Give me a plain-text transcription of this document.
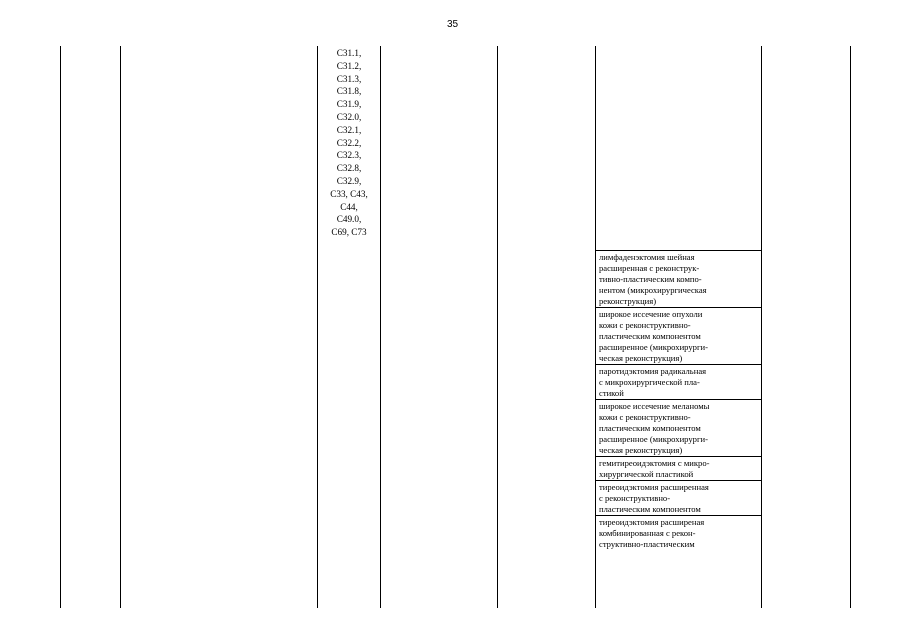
35
C31.1,
C31.2,
C31.3,
C31.8,
C31.9,
C32.0,
C32.1,
C32.2,
C32.3,
C32.8,
C32.9,
C33, C43,
C44,
C49.0,
C69, C73
лимфаденэктомия шейная
расширенная с реконструк-
тивно-пластическим компо-
нентом (микрохирургическая
реконструкция)
широкое иссечение опухоли
кожи с реконструктивно-
пластическим компонентом
расширенное (микрохирурги-
ческая реконструкция)
паротидэктомия радикальная
с микрохирургической пла-
стикой
широкое иссечение меланомы
кожи с реконструктивно-
пластическим компонентом
расширенное (микрохирурги-
ческая реконструкция)
гемитиреоидэктомия с микро-
хирургической пластикой
тиреоидэктомия расширенная
с реконструктивно-
пластическим компонентом
тиреоидэктомия расширеная
комбинированная с рекон-
структивно-пластическим
